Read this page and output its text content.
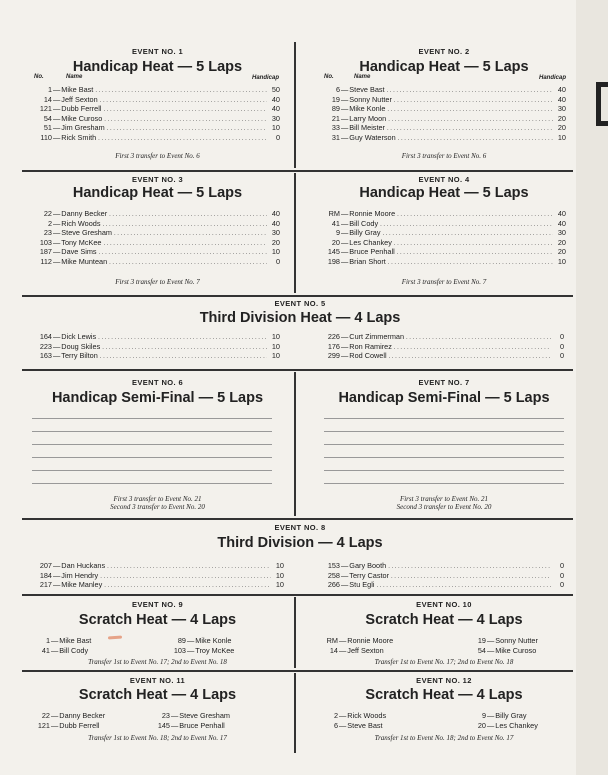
EVENT NO. 1
Handicap Heat — 5 Laps
No.	Name	Handicap
1 — Mike Bast .....	50
14 — Jeff Sexton .....	40
121 — Dubb Ferrell .....	40
54 — Mike Curoso .....	30
51 — Jim Gresham .....	10
110 — Rick Smith .....	0
First 3 transfer to Event No. 6
EVENT NO. 2
Handicap Heat — 5 Laps
No.	Name	Handicap
6 — Steve Bast .....	40
19 — Sonny Nutter .....	40
89 — Mike Konle .....	30
21 — Larry Moon .....	20
33 — Bill Meister .....	20
31 — Guy Waterson .....	10
First 3 transfer to Event No. 6
EVENT NO. 3
Handicap Heat — 5 Laps
22 — Danny Becker .....	40
2 — Rich Woods .....	40
23 — Steve Gresham .....	30
103 — Tony McKee .....	20
187 — Dave Sims .....	10
112 — Mike Muntean .....	0
First 3 transfer to Event No. 7
EVENT NO. 4
Handicap Heat — 5 Laps
RM — Ronnie Moore .....	40
41 — Bill Cody .....	40
9 — Billy Gray .....	30
20 — Les Chankey .....	20
145 — Bruce Penhall .....	20
198 — Brian Short .....	10
First 3 transfer to Event No. 7
EVENT NO. 5
Third Division Heat — 4 Laps
164 — Dick Lewis .....	10
223 — Doug Skiles .....	10
163 — Terry Bilton .....	10
226 — Curt Zimmerman .....	0
176 — Ron Ramirez .....	0
299 — Rod Cowell .....	0
EVENT NO. 6
Handicap Semi-Final — 5 Laps
First 3 transfer to Event No. 21
Second 3 transfer to Event No. 20
EVENT NO. 7
Handicap Semi-Final — 5 Laps
First 3 transfer to Event No. 21
Second 3 transfer to Event No. 20
EVENT NO. 8
Third Division — 4 Laps
207 — Dan Huckans .....	10
184 — Jim Hendry .....	10
217 — Mike Manley .....	10
153 — Gary Booth .....	0
258 — Terry Castor .....	0
266 — Stu Egli .....	0
EVENT NO. 9
Scratch Heat — 4 Laps
1 — Mike Bast
41 — Bill Cody
89 — Mike Konle
103 — Troy McKee
Transfer 1st to Event No. 17; 2nd to Event No. 18
EVENT NO. 10
Scratch Heat — 4 Laps
RM — Ronnie Moore
14 — Jeff Sexton
19 — Sonny Nutter
54 — Mike Curoso
Transfer 1st to Event No. 17; 2nd to Event No. 18
EVENT NO. 11
Scratch Heat — 4 Laps
22 — Danny Becker
121 — Dubb Ferrell
23 — Steve Gresham
145 — Bruce Penhall
Transfer 1st to Event No. 18; 2nd to Event No. 17
EVENT NO. 12
Scratch Heat — 4 Laps
2 — Rick Woods
6 — Steve Bast
9 — Billy Gray
20 — Les Chankey
Transfer 1st to Event No. 18; 2nd to Event No. 17
